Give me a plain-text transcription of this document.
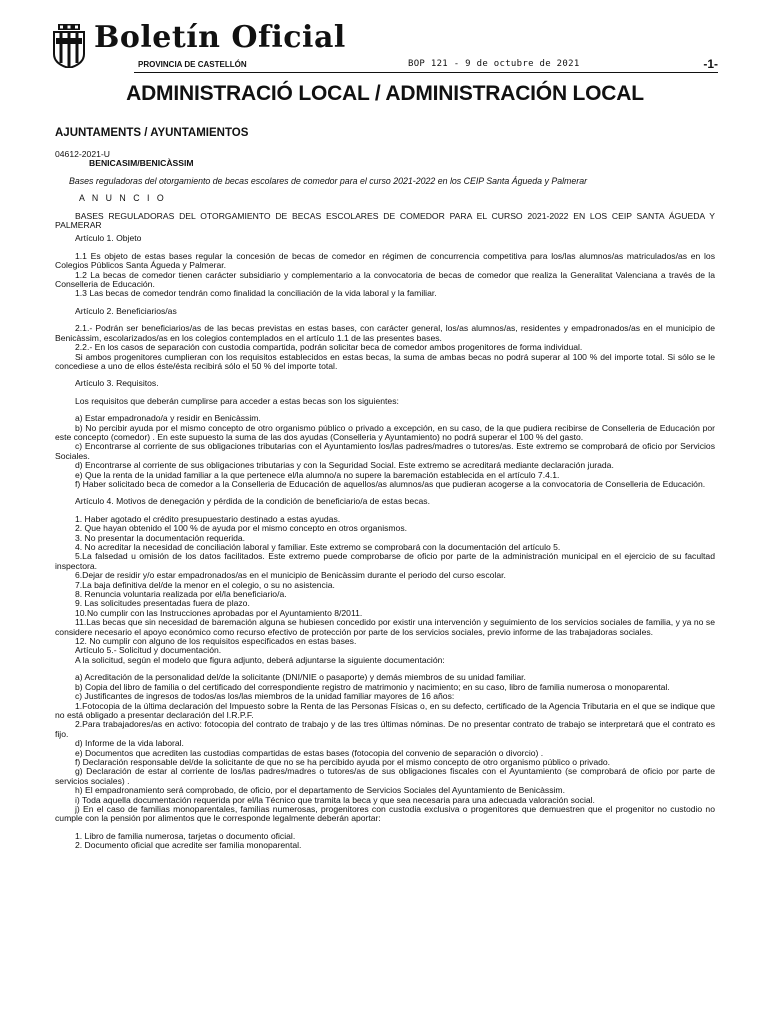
Boletín Oficial
PROVINCIA DE CASTELLÓN	BOP 121 - 9 de octubre de 2021	-1-
ADMINISTRACIÓ LOCAL / ADMINISTRACIÓN LOCAL

AJUNTAMENTS / AYUNTAMIENTOS

04612-2021-U

BENICASIM/BENICÀSSIM

Bases reguladoras del otorgamiento de becas escolares de comedor para el curso 2021-2022 en los CEIP Santa Águeda y Palmerar

A N U N C I O

BASES REGULADORAS DEL OTORGAMIENTO DE BECAS ESCOLARES DE COMEDOR PARA EL CURSO 2021-2022 EN LOS CEIP SANTA ÁGUEDA Y PALMERAR

Artículo 1. Objeto

1.1 Es objeto de estas bases regular la concesión de becas de comedor en régimen de concurrencia competitiva para los/las alumnos/as matriculados/as en los Colegios Públicos Santa Águeda y Palmerar.

1.2 La becas de comedor tienen carácter subsidiario y complementario a la convocatoria de becas de comedor que realiza la Generalitat Valenciana a través de la Conselleria de Educación.

1.3 Las becas de comedor tendrán como finalidad la conciliación de la vida laboral y la familiar.

Artículo 2. Beneficiarios/as

2.1.- Podrán ser beneficiarios/as de las becas previstas en estas bases, con carácter general, los/as alumnos/as, residentes y empadronados/as en el municipio de Benicàssim, escolarizados/as en los colegios contemplados en el artículo 1.1 de las presentes bases.

2.2.- En los casos de separación con custodia compartida, podrán solicitar beca de comedor ambos progenitores de forma individual.

Si ambos progenitores cumplieran con los requisitos establecidos en estas becas, la suma de ambas becas no podrá superar al 100 % del importe total. Si sólo se le concediese a uno de ellos éste/ésta recibirá sólo el 50 % del importe total.

Artículo 3. Requisitos.

Los requisitos que deberán cumplirse para acceder a estas becas son los siguientes:

a) Estar empadronado/a y residir en Benicàssim.

b) No percibir ayuda por el mismo concepto de otro organismo público o privado a excepción, en su caso, de la que pudiera recibirse de Conselleria de Educación por este concepto (comedor) . En este supuesto la suma de las dos ayudas (Conselleria y Ayuntamiento) no podrá superar el 100 % del gasto.

c) Encontrarse al corriente de sus obligaciones tributarias con el Ayuntamiento los/las padres/madres o tutores/as. Este extremo se comprobará de oficio por Servicios Sociales.

d) Encontrarse al corriente de sus obligaciones tributarias y con la Seguridad Social. Este extremo se acreditará mediante declaración jurada.

e) Que la renta de la unidad familiar a la que pertenece el/la alumno/a no supere la baremación establecida en el artículo 7.4.1.

f) Haber solicitado beca de comedor a la Conselleria de Educación de aquellos/as alumnos/as que pudieran acogerse a la convocatoria de Conselleria de Educación.

Artículo 4. Motivos de denegación y pérdida de la condición de beneficiario/a de estas becas.

1. Haber agotado el crédito presupuestario destinado a estas ayudas.

2. Que hayan obtenido el 100 % de ayuda por el mismo concepto en otros organismos.

3. No presentar la documentación requerida.

4. No acreditar la necesidad de conciliación laboral y familiar. Este extremo se comprobará con la documentación del artículo 5.

5.La falsedad u omisión de los datos facilitados. Este extremo puede comprobarse de oficio por parte de la administración municipal en el ejercicio de su facultad inspectora.

6.Dejar de residir y/o estar empadronados/as en el municipio de Benicàssim durante el periodo del curso escolar.

7.La baja definitiva del/de la menor en el colegio, o su no asistencia.

8. Renuncia voluntaria realizada por el/la beneficiario/a.

9. Las solicitudes presentadas fuera de plazo.

10.No cumplir con las Instrucciones aprobadas por el Ayuntamiento 8/2011.

11.Las becas que sin necesidad de baremación alguna se hubiesen concedido por existir una intervención y seguimiento de los servicios sociales de familia, y ya no se considere necesario el apoyo económico como recurso efectivo de protección por parte de los servicios sociales, previo informe de las trabajadoras sociales.

12. No cumplir con alguno de los requisitos especificados en estas bases.

Artículo 5.- Solicitud y documentación.

A la solicitud, según el modelo que figura adjunto, deberá adjuntarse la siguiente documentación:

a) Acreditación de la personalidad del/de la solicitante (DNI/NIE o pasaporte) y demás miembros de su unidad familiar.

b) Copia del libro de familia o del certificado del correspondiente registro de matrimonio y nacimiento; en su caso, libro de familia numerosa o monoparental.

c) Justificantes de ingresos de todos/as los/las miembros de la unidad familiar mayores de 16 años:

1.Fotocopia de la última declaración del Impuesto sobre la Renta de las Personas Físicas o, en su defecto, certificado de la Agencia Tributaria en el que se indique que no está obligado a presentar declaración del I.R.P.F.

2.Para trabajadores/as en activo: fotocopia del contrato de trabajo y de las tres últimas nóminas. De no presentar contrato de trabajo se interpretará que el contrato es fijo.

d) Informe de la vida laboral.

e) Documentos que acrediten las custodias compartidas de estas bases (fotocopia del convenio de separación o divorcio) .

f) Declaración responsable del/de la solicitante de que no se ha percibido ayuda por el mismo concepto de otro organismo público o privado.

g) Declaración de estar al corriente de los/las padres/madres o tutores/as de sus obligaciones fiscales con el Ayuntamiento (se comprobará de oficio por parte de servicios sociales) .

h) El empadronamiento será comprobado, de oficio, por el departamento de Servicios Sociales del Ayuntamiento de Benicàssim.

i) Toda aquella documentación requerida por el/la Técnico que tramita la beca y que sea necesaria para una adecuada valoración social.

j) En el caso de familias monoparentales, familias numerosas, progenitores con custodia exclusiva o progenitores que demuestren que el progenitor no custodio no cumple con la pensión por alimentos que le corresponde legalmente deberán aportar:

1. Libro de familia numerosa, tarjetas o documento oficial.

2. Documento oficial que acredite ser familia monoparental.
